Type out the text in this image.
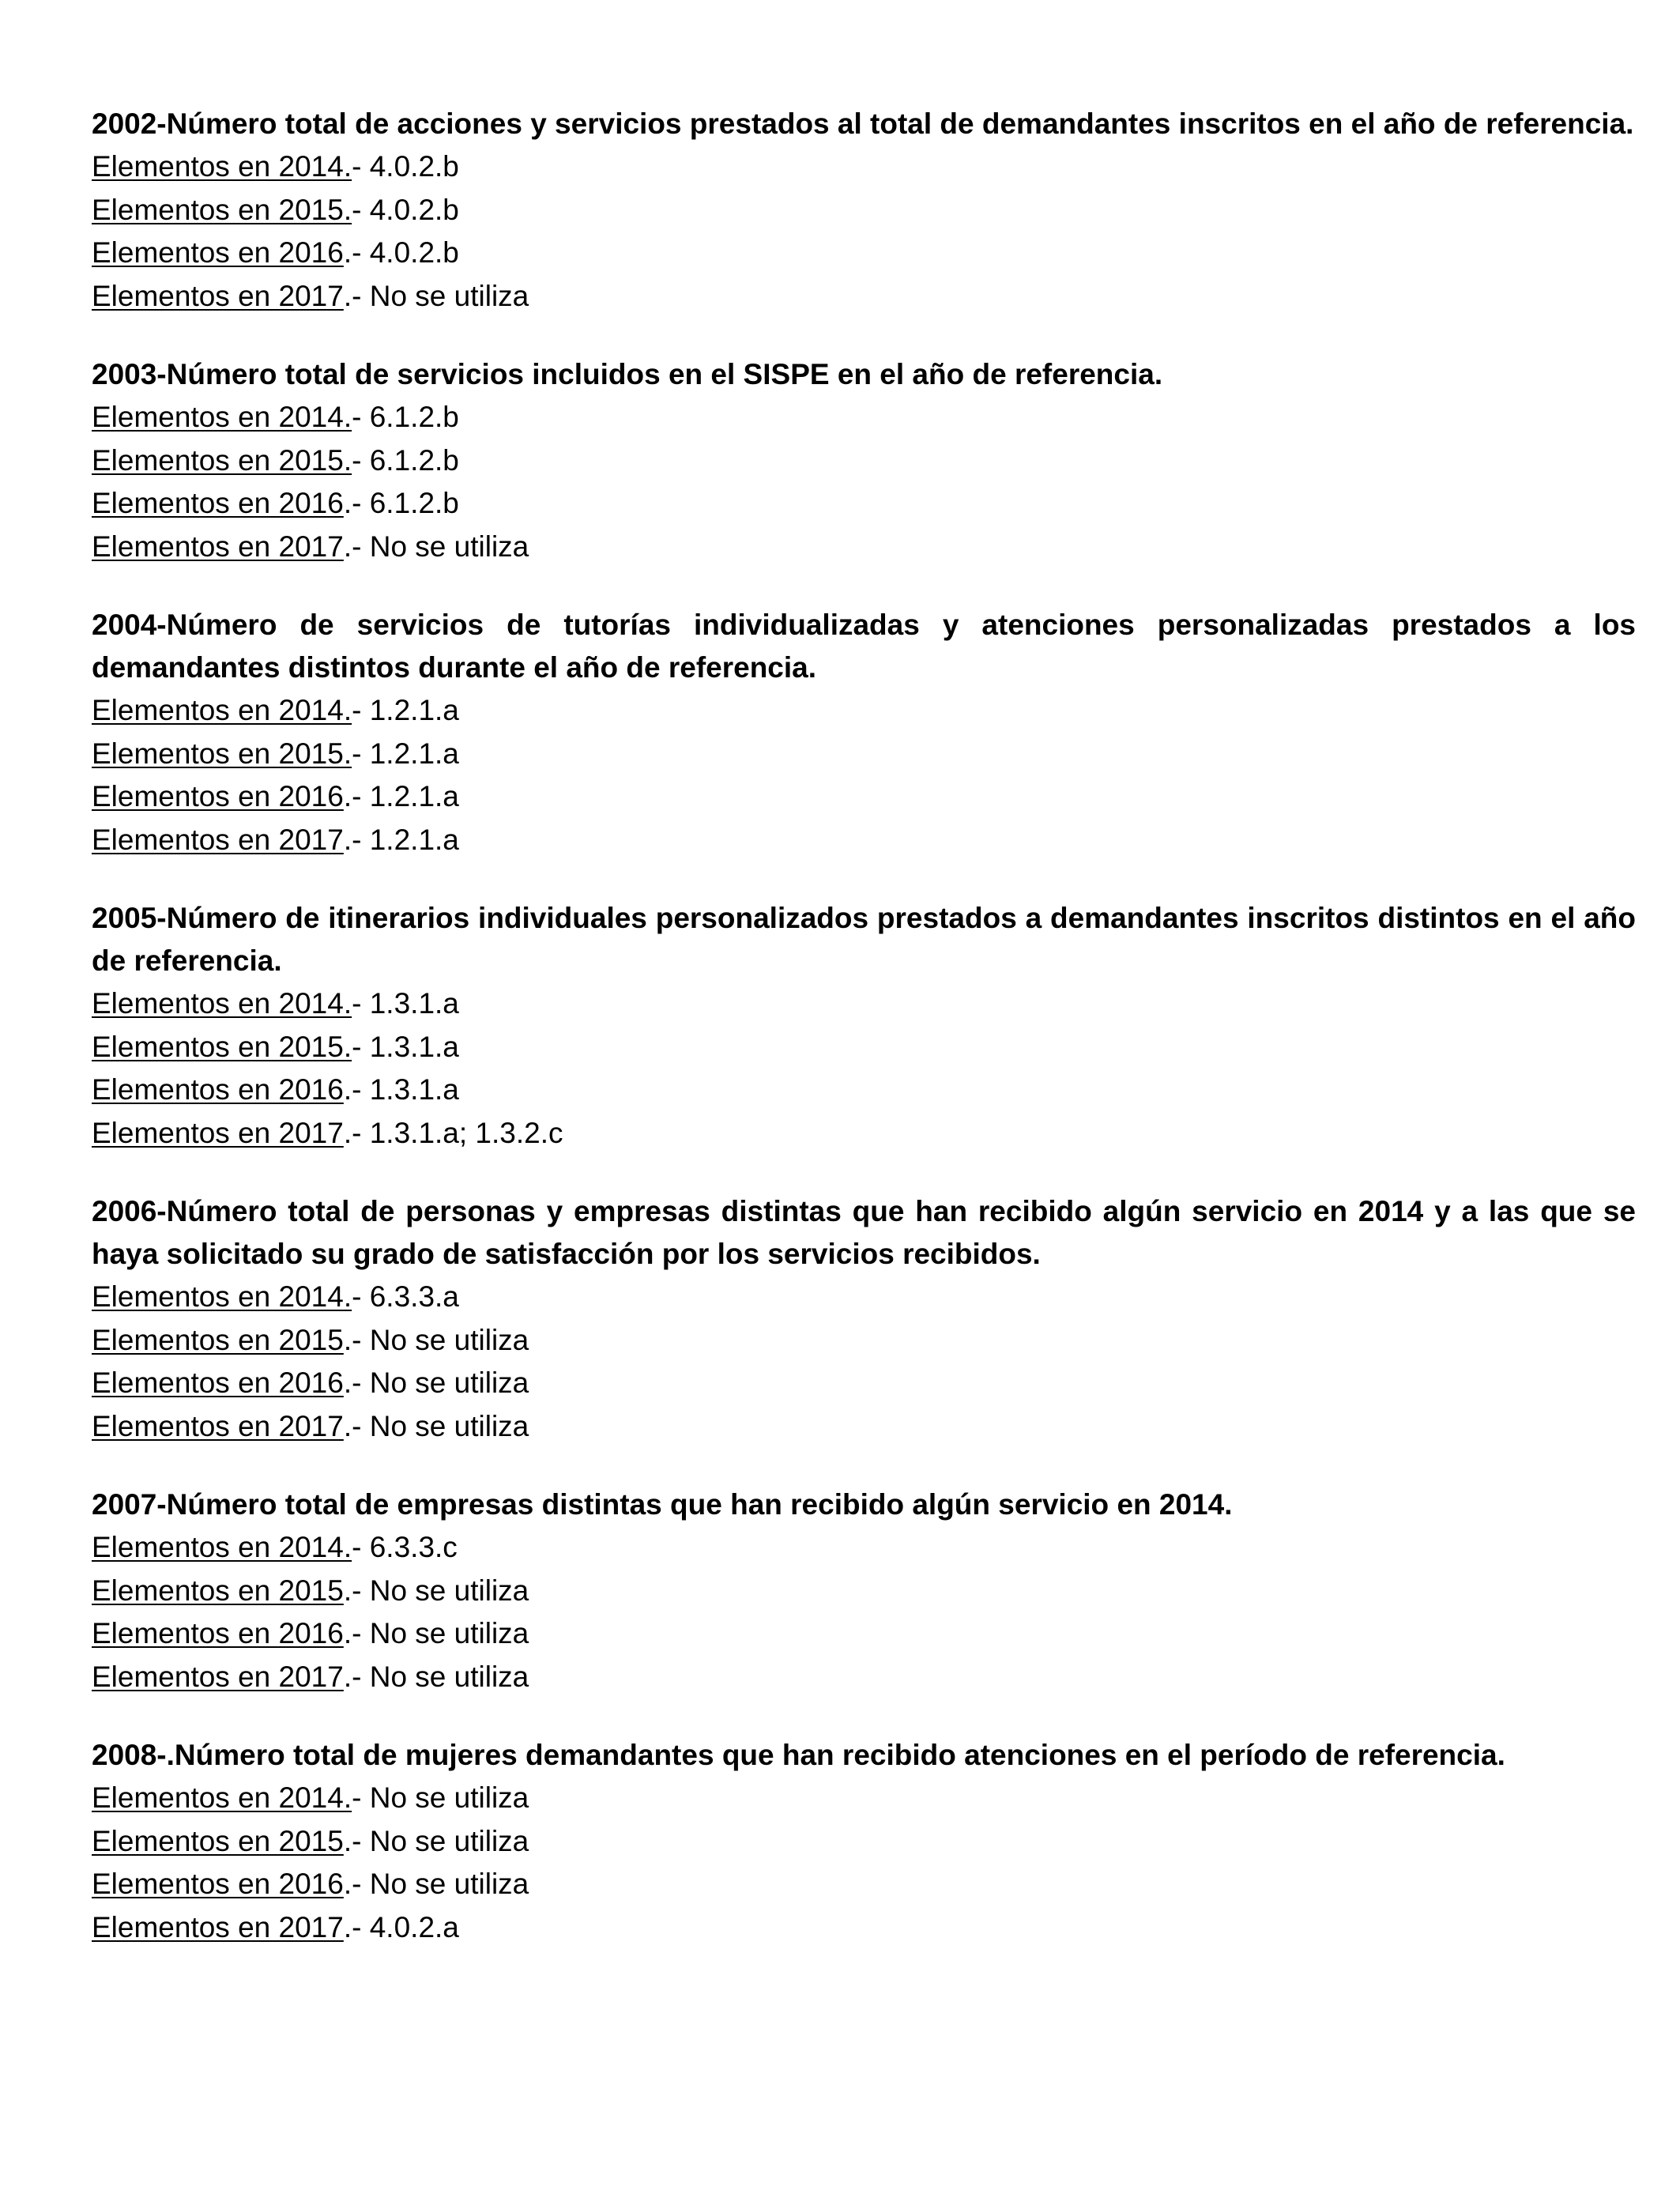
2002-Número total de acciones y servicios prestados al total de demandantes inscritos en el año de referencia.

Elementos en 2014.- 4.0.2.b

Elementos en 2015.- 4.0.2.b

Elementos en 2016.- 4.0.2.b

Elementos en 2017.- No se utiliza

2003-Número total de servicios incluidos en el SISPE en el año de referencia.

Elementos en 2014.- 6.1.2.b

Elementos en 2015.- 6.1.2.b

Elementos en 2016.- 6.1.2.b

Elementos en 2017.- No se utiliza

2004-Número de servicios de tutorías individualizadas y atenciones personalizadas prestados a los demandantes distintos durante el año de referencia.

Elementos en 2014.- 1.2.1.a

Elementos en 2015.- 1.2.1.a

Elementos en 2016.- 1.2.1.a

Elementos en 2017.- 1.2.1.a

2005-Número de itinerarios individuales personalizados prestados a demandantes inscritos distintos en el año de referencia.

Elementos en 2014.- 1.3.1.a

Elementos en 2015.- 1.3.1.a

Elementos en 2016.- 1.3.1.a

Elementos en 2017.- 1.3.1.a; 1.3.2.c

2006-Número total de personas y empresas distintas que han recibido algún servicio en 2014 y a las que se haya solicitado su grado de satisfacción por los servicios recibidos.

Elementos en 2014.- 6.3.3.a

Elementos en 2015.- No se utiliza

Elementos en 2016.- No se utiliza

Elementos en 2017.- No se utiliza

2007-Número total de empresas distintas que han recibido algún servicio en 2014.

Elementos en 2014.- 6.3.3.c

Elementos en 2015.- No se utiliza

Elementos en 2016.- No se utiliza

Elementos en 2017.- No se utiliza

2008-.Número total de mujeres demandantes que han recibido atenciones en el período de referencia.

Elementos en 2014.- No se utiliza

Elementos en 2015.- No se utiliza

Elementos en 2016.- No se utiliza

Elementos en 2017.- 4.0.2.a
